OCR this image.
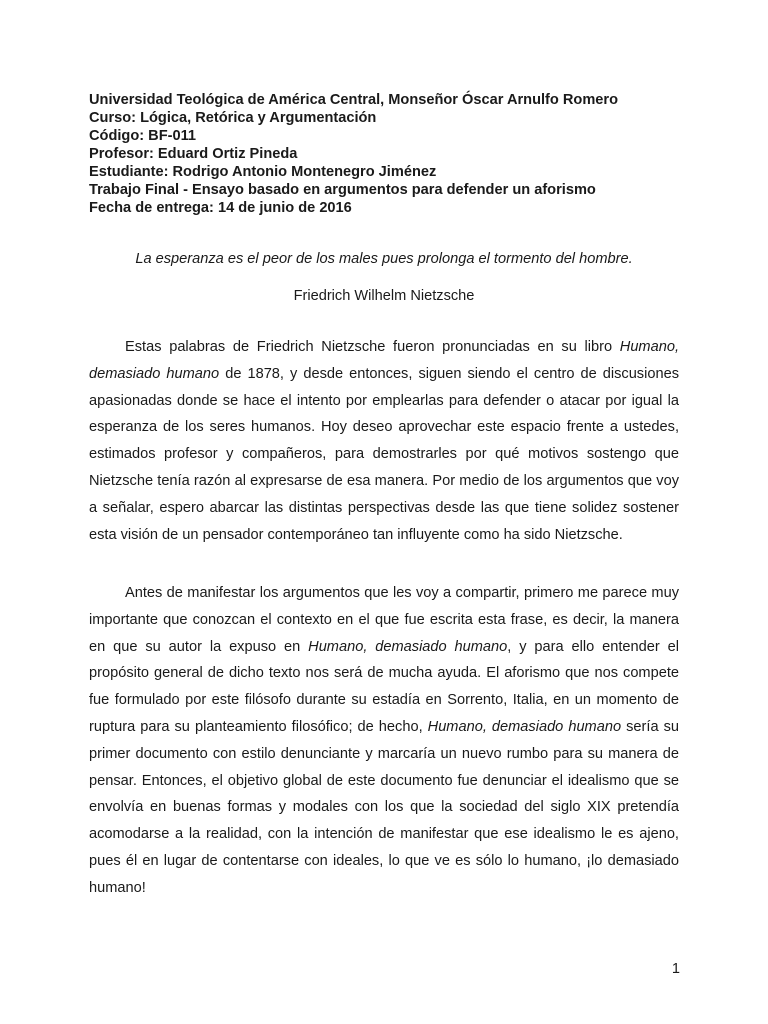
Universidad Teológica de América Central, Monseñor Óscar Arnulfo Romero
Curso: Lógica, Retórica y Argumentación
Código: BF-011
Profesor: Eduard Ortiz Pineda
Estudiante: Rodrigo Antonio Montenegro Jiménez
Trabajo Final - Ensayo basado en argumentos para defender un aforismo
Fecha de entrega: 14 de junio de 2016
La esperanza es el peor de los males pues prolonga el tormento del hombre.
Friedrich Wilhelm Nietzsche

Estas palabras de Friedrich Nietzsche fueron pronunciadas en su libro Humano, demasiado humano de 1878, y desde entonces, siguen siendo el centro de discusiones apasionadas donde se hace el intento por emplearlas para defender o atacar por igual la esperanza de los seres humanos. Hoy deseo aprovechar este espacio frente a ustedes, estimados profesor y compañeros, para demostrarles por qué motivos sostengo que Nietzsche tenía razón al expresarse de esa manera. Por medio de los argumentos que voy a señalar, espero abarcar las distintas perspectivas desde las que tiene solidez sostener esta visión de un pensador contemporáneo tan influyente como ha sido Nietzsche.

Antes de manifestar los argumentos que les voy a compartir, primero me parece muy importante que conozcan el contexto en el que fue escrita esta frase, es decir, la manera en que su autor la expuso en Humano, demasiado humano, y para ello entender el propósito general de dicho texto nos será de mucha ayuda. El aforismo que nos compete fue formulado por este filósofo durante su estadía en Sorrento, Italia, en un momento de ruptura para su planteamiento filosófico; de hecho, Humano, demasiado humano sería su primer documento con estilo denunciante y marcaría un nuevo rumbo para su manera de pensar. Entonces, el objetivo global de este documento fue denunciar el idealismo que se envolvía en buenas formas y modales con los que la sociedad del siglo XIX pretendía acomodarse a la realidad, con la intención de manifestar que ese idealismo le es ajeno, pues él en lugar de contentarse con ideales, lo que ve es sólo lo humano, ¡lo demasiado humano!

1
